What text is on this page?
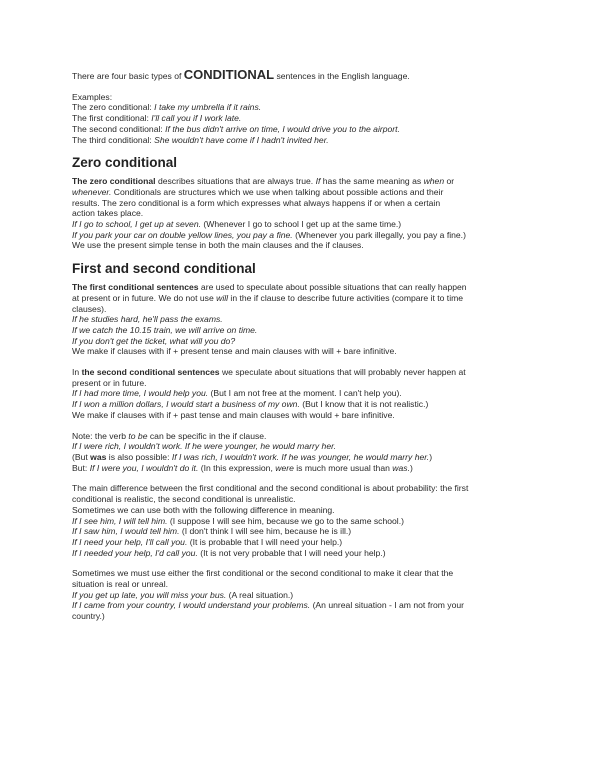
There are four basic types of CONDITIONAL sentences in the English language.
Examples:
The zero conditional: I take my umbrella if it rains.
The first conditional: I'll call you if I work late.
The second conditional: If the bus didn't arrive on time, I would drive you to the airport.
The third conditional: She wouldn't have come if I hadn't invited her.
Zero conditional
The zero conditional describes situations that are always true. If has the same meaning as when or
whenever. Conditionals are structures which we use when talking about possible actions and their
results. The zero conditional is a form which expresses what always happens if or when a certain
action takes place.
If I go to school, I get up at seven. (Whenever I go to school I get up at the same time.)
If you park your car on double yellow lines, you pay a fine. (Whenever you park illegally, you pay a fine.)
We use the present simple tense in both the main clauses and the if clauses.
First and second conditional
The first conditional sentences are used to speculate about possible situations that can really happen
at present or in future. We do not use will in the if clause to describe future activities (compare it to time
clauses).
If he studies hard, he'll pass the exams.
If we catch the 10.15 train, we will arrive on time.
If you don't get the ticket, what will you do?
We make if clauses with if + present tense and main clauses with will + bare infinitive.
In the second conditional sentences we speculate about situations that will probably never happen at
present or in future.
If I had more time, I would help you. (But I am not free at the moment. I can't help you).
If I won a million dollars, I would start a business of my own. (But I know that it is not realistic.)
We make if clauses with if + past tense and main clauses with would + bare infinitive.
Note: the verb to be can be specific in the if clause.
If I were rich, I wouldn't work. If he were younger, he would marry her.
(But was is also possible: If I was rich, I wouldn't work. If he was younger, he would marry her.)
But: If I were you, I wouldn't do it. (In this expression, were is much more usual than was.)
The main difference between the first conditional and the second conditional is about probability: the first
conditional is realistic, the second conditional is unrealistic.
Sometimes we can use both with the following difference in meaning.
If I see him, I will tell him. (I suppose I will see him, because we go to the same school.)
If I saw him, I would tell him. (I don't think I will see him, because he is ill.)
If I need your help, I'll call you. (It is probable that I will need your help.)
If I needed your help, I'd call you. (It is not very probable that I will need your help.)
Sometimes we must use either the first conditional or the second conditional to make it clear that the
situation is real or unreal.
If you get up late, you will miss your bus. (A real situation.)
If I came from your country, I would understand your problems. (An unreal situation - I am not from your
country.)
